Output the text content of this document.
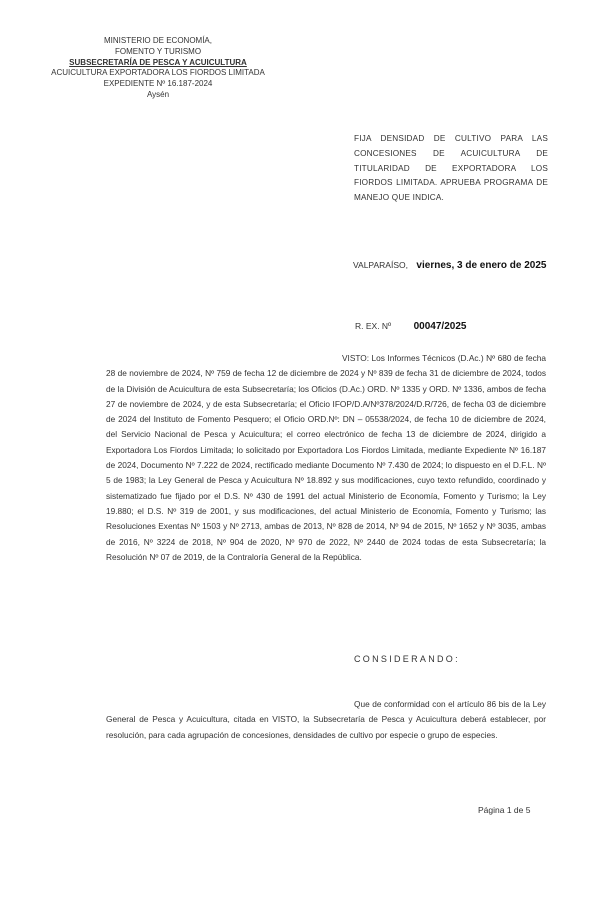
MINISTERIO DE ECONOMÍA,
FOMENTO Y TURISMO
SUBSECRETARÍA DE PESCA Y ACUICULTURA
ACUICULTURA EXPORTADORA LOS FIORDOS LIMITADA
EXPEDIENTE Nº 16.187-2024
Aysén
FIJA DENSIDAD DE CULTIVO PARA LAS CONCESIONES DE ACUICULTURA DE TITULARIDAD DE EXPORTADORA LOS FIORDOS LIMITADA. APRUEBA PROGRAMA DE MANEJO QUE INDICA.
VALPARAÍSO, viernes, 3 de enero de 2025
R. EX. Nº 00047/2025
VISTO: Los Informes Técnicos (D.Ac.) Nº 680 de fecha 28 de noviembre de 2024, Nº 759 de fecha 12 de diciembre de 2024 y Nº 839 de fecha 31 de diciembre de 2024, todos de la División de Acuicultura de esta Subsecretaría; los Oficios (D.Ac.) ORD. Nº 1335 y ORD. Nº 1336, ambos de fecha 27 de noviembre de 2024, y de esta Subsecretaría; el Oficio IFOP/D.A/Nº378/2024/D.R/726, de fecha 03 de diciembre de 2024 del Instituto de Fomento Pesquero; el Oficio ORD.Nº: DN – 05538/2024, de fecha 10 de diciembre de 2024, del Servicio Nacional de Pesca y Acuicultura; el correo electrónico de fecha 13 de diciembre de 2024, dirigido a Exportadora Los Fiordos Limitada; lo solicitado por Exportadora Los Fiordos Limitada, mediante Expediente Nº 16.187 de 2024, Documento Nº 7.222 de 2024, rectificado mediante Documento Nº 7.430 de 2024; lo dispuesto en el D.F.L. Nº 5 de 1983; la Ley General de Pesca y Acuicultura Nº 18.892 y sus modificaciones, cuyo texto refundido, coordinado y sistematizado fue fijado por el D.S. Nº 430 de 1991 del actual Ministerio de Economía, Fomento y Turismo; la Ley 19.880; el D.S. Nº 319 de 2001, y sus modificaciones, del actual Ministerio de Economía, Fomento y Turismo; las Resoluciones Exentas Nº 1503 y Nº 2713, ambas de 2013, Nº 828 de 2014, Nº 94 de 2015, Nº 1652 y Nº 3035, ambas de 2016, Nº 3224 de 2018, Nº 904 de 2020, Nº 970 de 2022, Nº 2440 de 2024 todas de esta Subsecretaría; la Resolución Nº 07 de 2019, de la Contraloría General de la República.
CONSIDERANDO:
Que de conformidad con el artículo 86 bis de la Ley General de Pesca y Acuicultura, citada en VISTO, la Subsecretaría de Pesca y Acuicultura deberá establecer, por resolución, para cada agrupación de concesiones, densidades de cultivo por especie o grupo de especies.
Página 1 de 5
